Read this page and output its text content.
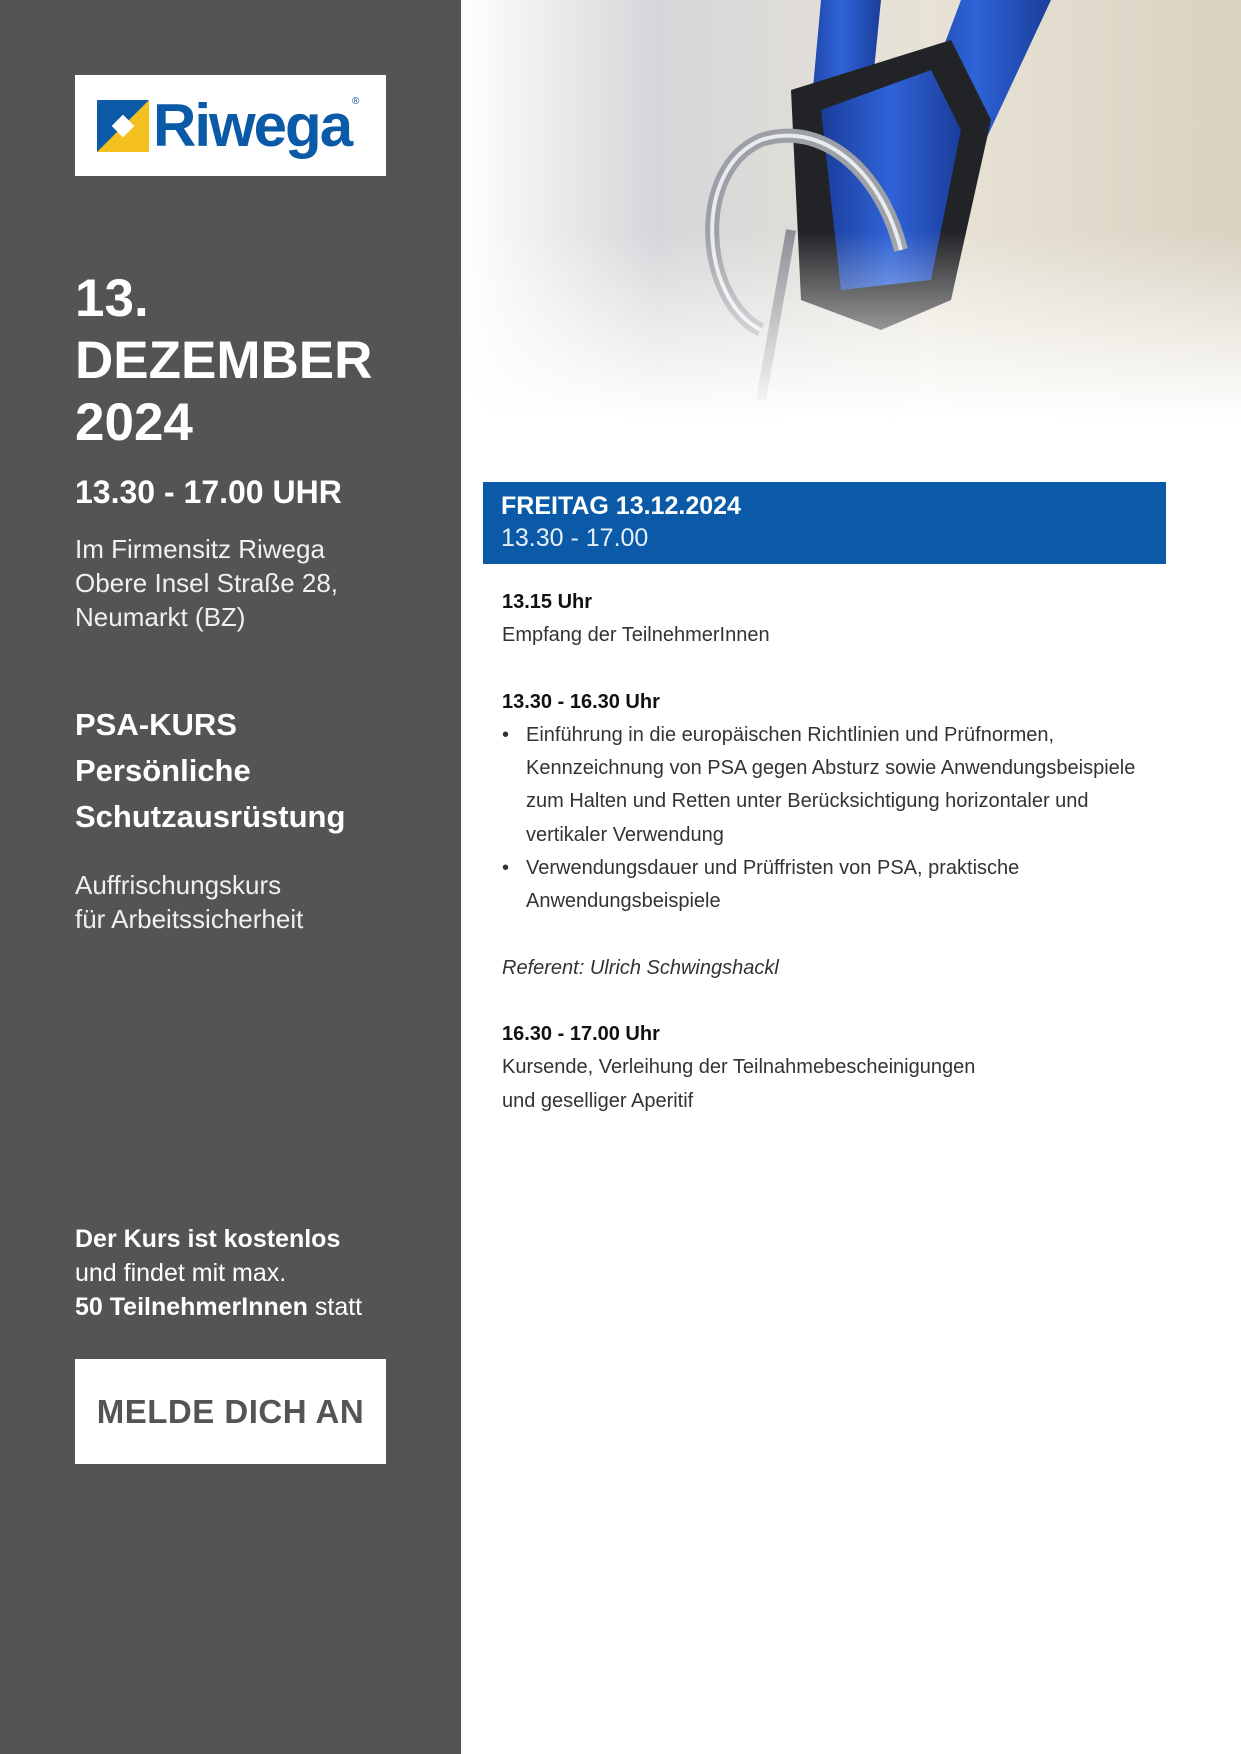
Riwega ®
13.
DEZEMBER
2024
13.30 - 17.00 UHR
Im Firmensitz Riwega
Obere Insel Straße 28,
Neumarkt (BZ)
PSA-KURS
Persönliche
Schutzausrüstung
Auffrischungskurs
für Arbeitssicherheit
Der Kurs ist kostenlos
und findet mit max.
50 TeilnehmerInnen statt
MELDE DICH AN
FREITAG 13.12.2024
13.30 - 17.00
13.15 Uhr
Empfang der TeilnehmerInnen
13.30 - 16.30 Uhr
• Einführung in die europäischen Richtlinien und Prüfnormen,
Kennzeichnung von PSA gegen Absturz sowie Anwendungsbeispiele
zum Halten und Retten unter Berücksichtigung horizontaler und
vertikaler Verwendung
• Verwendungsdauer und Prüffristen von PSA, praktische
Anwendungsbeispiele
Referent: Ulrich Schwingshackl
16.30 - 17.00 Uhr
Kursende, Verleihung der Teilnahmebescheinigungen
und geselliger Aperitif
